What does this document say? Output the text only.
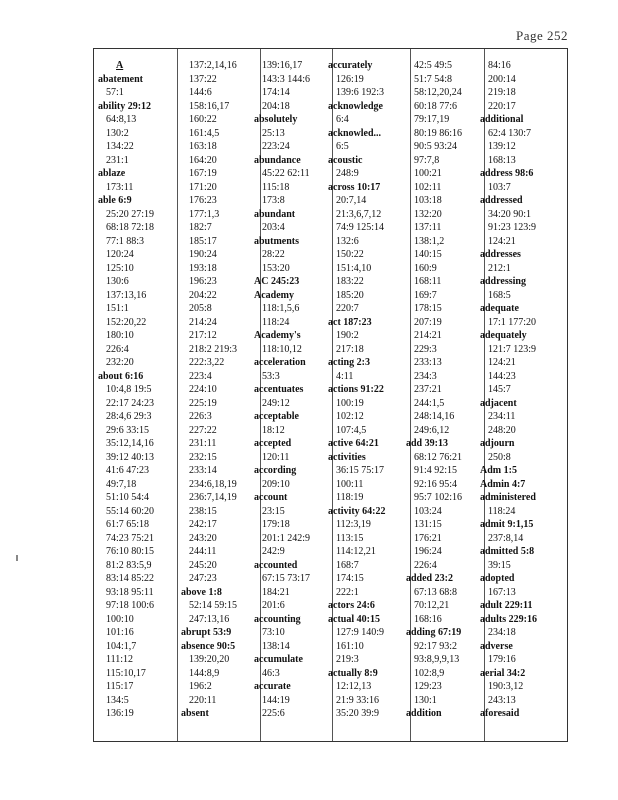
Page 252
A
abatement
57:1
ability 29:12
64:8,13
130:2
134:22
231:1
ablaze
173:11
able 6:9
25:20 27:19
68:18 72:18
77:1 88:3
120:24
125:10
130:6
137:13,16
151:1
152:20,22
180:10
226:4
232:20
about 6:16
10:4,8 19:5
22:17 24:23
28:4,6 29:3
29:6 33:15
35:12,14,16
39:12 40:13
41:6 47:23
49:7,18
51:10 54:4
55:14 60:20
61:7 65:18
74:23 75:21
76:10 80:15
81:2 83:5,9
83:14 85:22
93:18 95:11
97:18 100:6
100:10
101:16
104:1,7
111:12
115:10,17
115:17
134:5
136:19
137:2,14,16
137:22
144:6
158:16,17
160:22
161:4,5
163:18
164:20
167:19
171:20
176:23
177:1,3
182:7
185:17
190:24
193:18
196:23
204:22
205:8
214:24
217:12
218:2 219:3
222:3,22
223:4
224:10
225:19
226:3
227:22
231:11
232:15
233:14
234:6,18,19
236:7,14,19
238:15
242:17
243:20
244:11
245:20
247:23
above 1:8
52:14 59:15
247:13,16
abrupt 53:9
absence 90:5
139:20,20
144:8,9
196:2
220:11
absent
139:16,17
143:3 144:6
174:14
204:18
absolutely
25:13
223:24
abundance
45:22 62:11
115:18
173:8
abundant
203:4
abutments
28:22
153:20
AC 245:23
Academy
118:1,5,6
118:24
Academy's
118:10,12
acceleration
53:3
accentuates
249:12
acceptable
18:12
accepted
120:11
according
209:10
account
23:15
179:18
201:1 242:9
242:9
accounted
67:15 73:17
184:21
201:6
accounting
73:10
138:14
accumulate
46:3
accurate
144:19
225:6
accurately
126:19
139:6 192:3
acknowledge
6:4
acknowled...
6:5
acoustic
248:9
across 10:17
20:7,14
21:3,6,7,12
74:9 125:14
132:6
150:22
151:4,10
183:22
185:20
220:7
act 187:23
190:2
217:18
acting 2:3
4:11
actions 91:22
100:19
102:12
107:4,5
active 64:21
activities
36:15 75:17
100:11
118:19
activity 64:22
112:3,19
113:15
114:12,21
168:7
174:15
222:1
actors 24:6
actual 40:15
127:9 140:9
161:10
219:3
actually 8:9
12:12,13
21:9 33:16
35:20 39:9
42:5 49:5
51:7 54:8
58:12,20,24
60:18 77:6
79:17,19
80:19 86:16
90:5 93:24
97:7,8
100:21
102:11
103:18
132:20
137:11
138:1,2
140:15
160:9
168:11
169:7
178:15
207:19
214:21
229:3
233:13
234:3
237:21
244:1,5
248:14,16
249:6,12
add 39:13
68:12 76:21
91:4 92:15
92:16 95:4
95:7 102:16
103:24
131:15
176:21
196:24
226:4
added 23:2
67:13 68:8
70:12,21
168:16
adding 67:19
92:17 93:2
93:8,9,9,13
102:8,9
129:23
130:1
addition
84:16
200:14
219:18
220:17
additional
62:4 130:7
139:12
168:13
address 98:6
103:7
addressed
34:20 90:1
91:23 123:9
124:21
addresses
212:1
addressing
168:5
adequate
17:1 177:20
adequately
121:7 123:9
124:21
144:23
145:7
adjacent
234:11
248:20
adjourn
250:8
Adm 1:5
Admin 4:7
administered
118:24
admit 9:1,15
237:8,14
admitted 5:8
39:15
adopted
167:13
adult 229:11
adults 229:16
234:18
adverse
179:16
aerial 34:2
190:3,12
243:13
aforesaid
